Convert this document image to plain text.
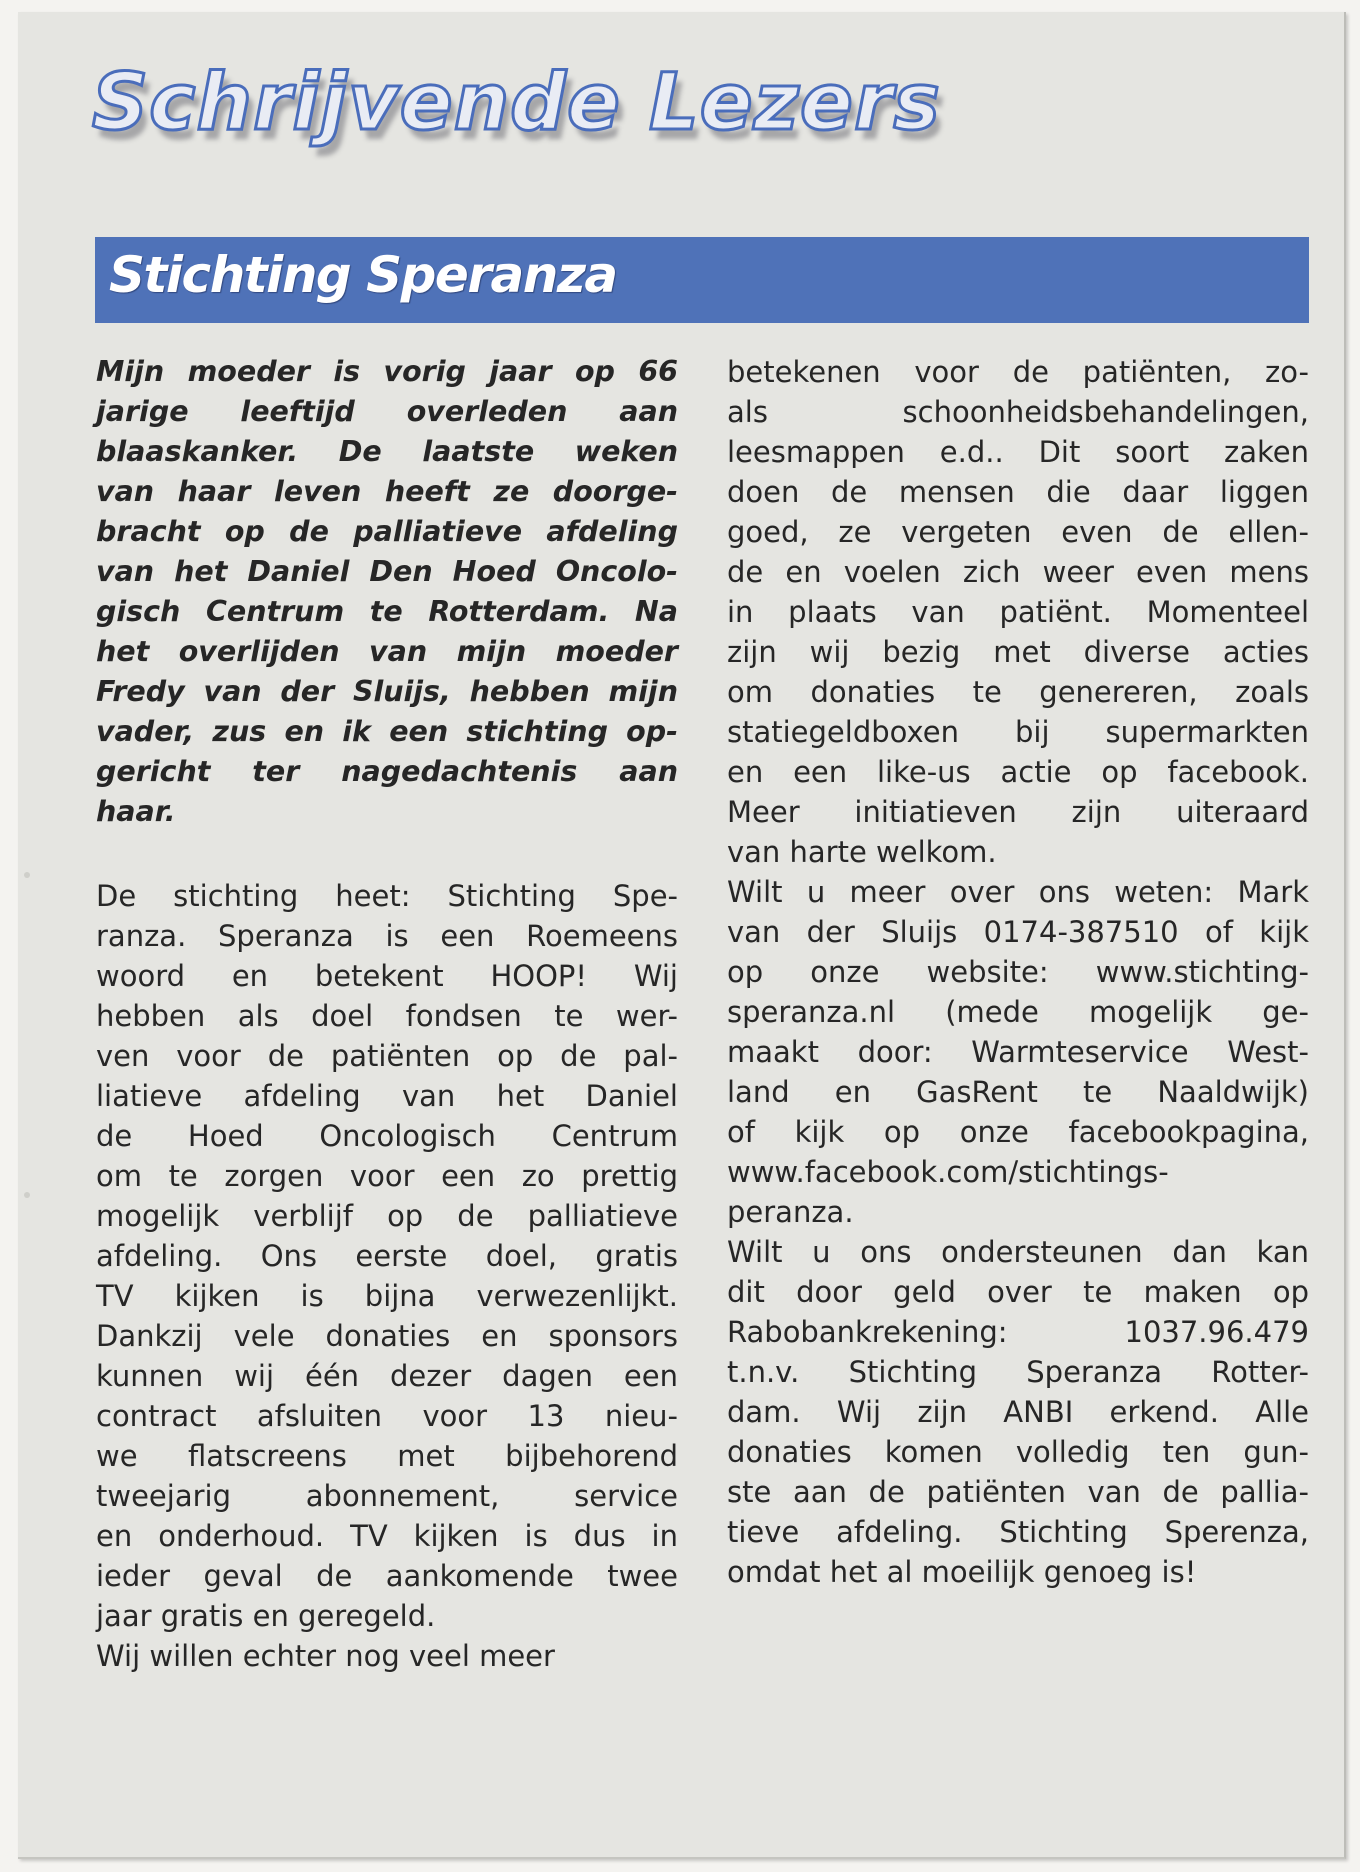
Schrijvende Lezers
Stichting Speranza
Mijn moeder is vorig jaar op 66
jarige leeftijd overleden aan
blaaskanker. De laatste weken
van haar leven heeft ze doorge-
bracht op de palliatieve afdeling
van het Daniel Den Hoed Oncolo-
gisch Centrum te Rotterdam. Na
het overlijden van mijn moeder
Fredy van der Sluijs, hebben mijn
vader, zus en ik een stichting op-
gericht ter nagedachtenis aan
haar.
De stichting heet: Stichting Spe-
ranza. Speranza is een Roemeens
woord en betekent HOOP! Wij
hebben als doel fondsen te wer-
ven voor de patiënten op de pal-
liatieve afdeling van het Daniel
de Hoed Oncologisch Centrum
om te zorgen voor een zo prettig
mogelijk verblijf op de palliatieve
afdeling. Ons eerste doel, gratis
TV kijken is bijna verwezenlijkt.
Dankzij vele donaties en sponsors
kunnen wij één dezer dagen een
contract afsluiten voor 13 nieu-
we flatscreens met bijbehorend
tweejarig abonnement, service
en onderhoud. TV kijken is dus in
ieder geval de aankomende twee
jaar gratis en geregeld.
Wij willen echter nog veel meer
betekenen voor de patiënten, zo-
als schoonheidsbehandelingen,
leesmappen e.d.. Dit soort zaken
doen de mensen die daar liggen
goed, ze vergeten even de ellen-
de en voelen zich weer even mens
in plaats van patiënt. Momenteel
zijn wij bezig met diverse acties
om donaties te genereren, zoals
statiegeldboxen bij supermarkten
en een like-us actie op facebook.
Meer initiatieven zijn uiteraard
van harte welkom.
Wilt u meer over ons weten: Mark
van der Sluijs 0174-387510 of kijk
op onze website: www.stichting-
speranza.nl (mede mogelijk ge-
maakt door: Warmteservice West-
land en GasRent te Naaldwijk)
of kijk op onze facebookpagina,
www.facebook.com/stichtings-
peranza.
Wilt u ons ondersteunen dan kan
dit door geld over te maken op
Rabobankrekening: 1037.96.479
t.n.v. Stichting Speranza Rotter-
dam. Wij zijn ANBI erkend. Alle
donaties komen volledig ten gun-
ste aan de patiënten van de pallia-
tieve afdeling. Stichting Sperenza,
omdat het al moeilijk genoeg is!
